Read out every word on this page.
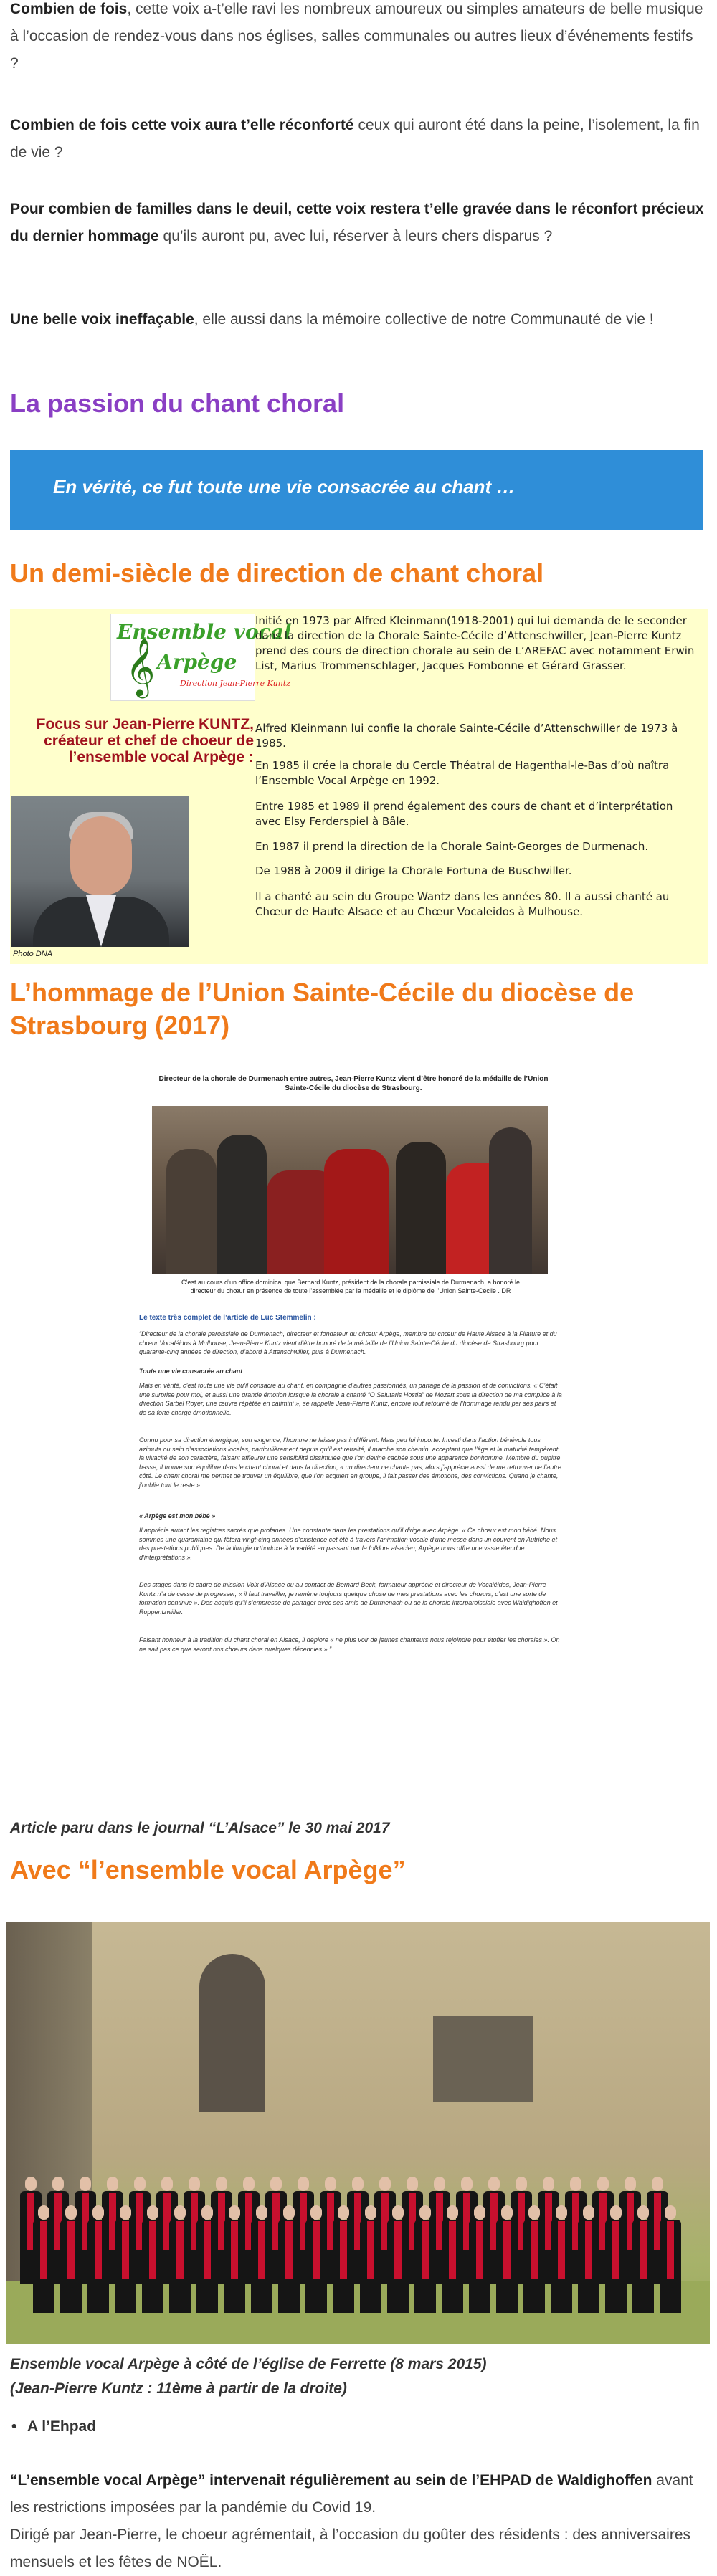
Combien de fois, cette voix a-t’elle ravi les nombreux amoureux ou simples amateurs de belle musique à l’occasion de rendez-vous dans nos églises, salles communales ou autres lieux d’événements festifs ?
Combien de fois cette voix aura t’elle réconforté ceux qui auront été dans la peine, l’isolement, la fin de vie ?
Pour combien de familles dans le deuil, cette voix restera t’elle gravée dans le réconfort précieux du dernier hommage qu’ils auront pu, avec lui, réserver à leurs chers disparus ?
Une belle voix ineffaçable, elle aussi dans la mémoire collective de notre Communauté de vie !
La passion du chant choral
En vérité, ce fut toute une vie consacrée au chant …
Un demi-siècle de direction de chant choral
Ensemble vocal
𝄞 Arpège
Direction Jean-Pierre Kuntz
Focus sur Jean-Pierre KUNTZ, créateur et chef de choeur de l’ensemble vocal Arpège :
Photo DNA
Initié en 1973 par Alfred Kleinmann(1918-2001) qui lui demanda de le seconder dans la direction de la Chorale Sainte-Cécile d’Attenschwiller, Jean-Pierre Kuntz prend des cours de direction chorale au sein de L’AREFAC avec notamment Erwin List, Marius Trommenschlager, Jacques Fombonne et Gérard Grasser.
Alfred Kleinmann lui confie la chorale Sainte-Cécile d’Attenschwiller de 1973 à 1985.
En 1985 il crée la chorale du Cercle Théatral de Hagenthal-le-Bas d’où naîtra l’Ensemble Vocal Arpège en 1992.
Entre 1985 et 1989 il prend également des cours de chant et d’interprétation avec Elsy Ferderspiel à Bâle.
En 1987 il prend la direction de la Chorale Saint-Georges de Durmenach.
De 1988 à 2009 il dirige la Chorale Fortuna de Buschwiller.
Il a chanté au sein du Groupe Wantz dans les années 80. Il a aussi chanté au Chœur de Haute Alsace et au Chœur Vocaleidos à Mulhouse.
L’hommage de l’Union Sainte-Cécile du diocèse de Strasbourg (2017)
Directeur de la chorale de Durmenach entre autres, Jean-Pierre Kuntz vient d’être honoré de la médaille de l’Union Sainte-Cécile du diocèse de Strasbourg.
C’est au cours d’un office dominical que Bernard Kuntz, président de la chorale paroissiale de Durmenach, a honoré le directeur du chœur en présence de toute l’assemblée par la médaille et le diplôme de l’Union Sainte-Cécile . DR
Le texte très complet de l’article de Luc Stemmelin :
“Directeur de la chorale paroissiale de Durmenach, directeur et fondateur du chœur Arpège, membre du chœur de Haute Alsace à la Filature et du chœur Vocaléidos à Mulhouse, Jean-Pierre Kuntz vient d’être honoré de la médaille de l’Union Sainte-Cécile du diocèse de Strasbourg pour quarante-cinq années de direction, d’abord à Attenschwiller, puis à Durmenach.
Toute une vie consacrée au chant
Mais en vérité, c’est toute une vie qu’il consacre au chant, en compagnie d’autres passionnés, un partage de la passion et de convictions. « C’était une surprise pour moi, et aussi une grande émotion lorsque la chorale a chanté “O Salutaris Hostia” de Mozart sous la direction de ma complice à la direction Sarbel Royer, une œuvre répétée en catimini », se rappelle Jean-Pierre Kuntz, encore tout retourné de l’hommage rendu par ses pairs et de sa forte charge émotionnelle.
Connu pour sa direction énergique, son exigence, l’homme ne laisse pas indifférent. Mais peu lui importe. Investi dans l’action bénévole tous azimuts ou sein d’associations locales, particulièrement depuis qu’il est retraité, il marche son chemin, acceptant que l’âge et la maturité tempèrent la vivacité de son caractère, faisant affleurer une sensibilité dissimulée que l’on devine cachée sous une apparence bonhomme. Membre du pupitre basse, il trouve son équilibre dans le chant choral et dans la direction, « un directeur ne chante pas, alors j’apprécie aussi de me retrouver de l’autre côté. Le chant choral me permet de trouver un équilibre, que l’on acquiert en groupe, il fait passer des émotions, des convictions. Quand je chante, j’oublie tout le reste ».
« Arpège est mon bébé »
Il apprécie autant les registres sacrés que profanes. Une constante dans les prestations qu’il dirige avec Arpège. « Ce chœur est mon bébé. Nous sommes une quarantaine qui fêtera vingt-cinq années d’existence cet été à travers l’animation vocale d’une messe dans un couvent en Autriche et des prestations publiques. De la liturgie orthodoxe à la variété en passant par le folklore alsacien, Arpège nous offre une vaste étendue d’interprétations ».
Des stages dans le cadre de mission Voix d’Alsace ou au contact de Bernard Beck, formateur apprécié et directeur de Vocaléidos, Jean-Pierre Kuntz n’a de cesse de progresser, « il faut travailler, je ramène toujours quelque chose de mes prestations avec les chœurs, c’est une sorte de formation continue ». Des acquis qu’il s’empresse de partager avec ses amis de Durmenach ou de la chorale interparoissiale avec Waldighoffen et Roppentzwiller.
Faisant honneur à la tradition du chant choral en Alsace, il déplore « ne plus voir de jeunes chanteurs nous rejoindre pour étoffer les chorales ». On ne sait pas ce que seront nos chœurs dans quelques décennies ».”
Article paru dans le journal “L’Alsace” le 30 mai 2017
Avec “l’ensemble vocal Arpège”
Ensemble vocal Arpège à côté de l’église de Ferrette (8 mars 2015)
(Jean-Pierre Kuntz : 11ème à partir de la droite)
• A l’Ehpad
“L’ensemble vocal Arpège” intervenait régulièrement au sein de l’EHPAD de Waldighoffen avant les restrictions imposées par la pandémie du Covid 19.
Dirigé par Jean-Pierre, le choeur agrémentait, à l’occasion du goûter des résidents : des anniversaires mensuels et les fêtes de NOËL.
